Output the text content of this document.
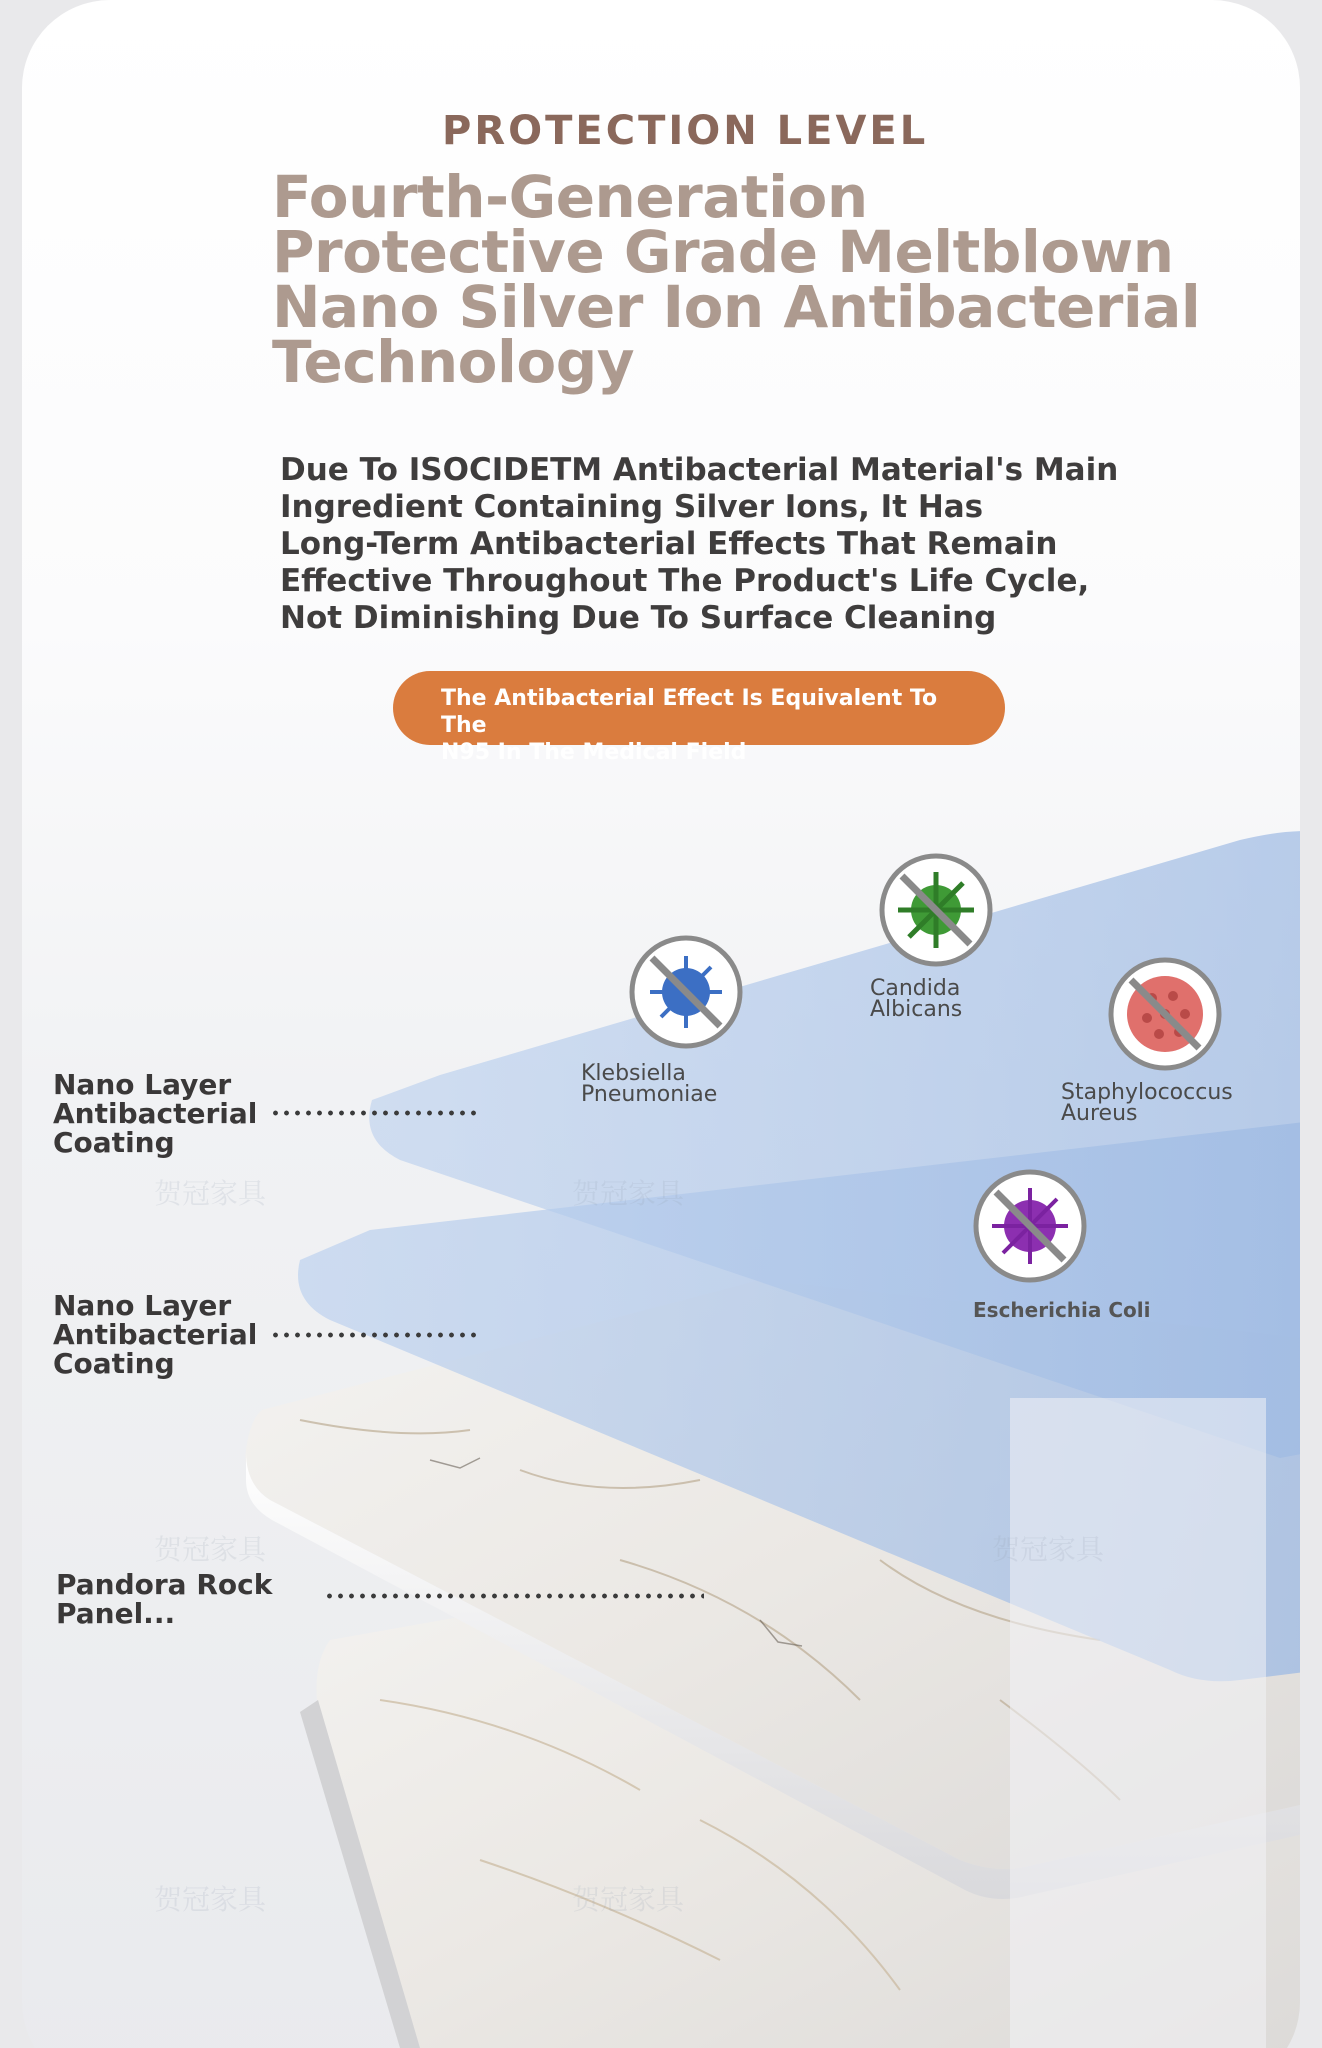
PROTECTION LEVEL
Fourth-Generation
Protective Grade Meltblown
Nano Silver Ion Antibacterial
Technology
Due To ISOCIDETM Antibacterial Material's Main
Ingredient Containing Silver Ions, It Has
Long-Term Antibacterial Effects That Remain
Effective Throughout The Product's Life Cycle,
Not Diminishing Due To Surface Cleaning
The Antibacterial Effect Is Equivalent To The
N95 In The Medical Field
贺冠家具	贺冠家具
贺冠家具	贺冠家具
贺冠家具	贺冠家具
Nano Layer
Antibacterial
Coating
Nano Layer
Antibacterial
Coating
Pandora Rock
Panel...
Klebsiella
Pneumoniae
Candida
Albicans
Staphylococcus
Aureus
Escherichia Coli
